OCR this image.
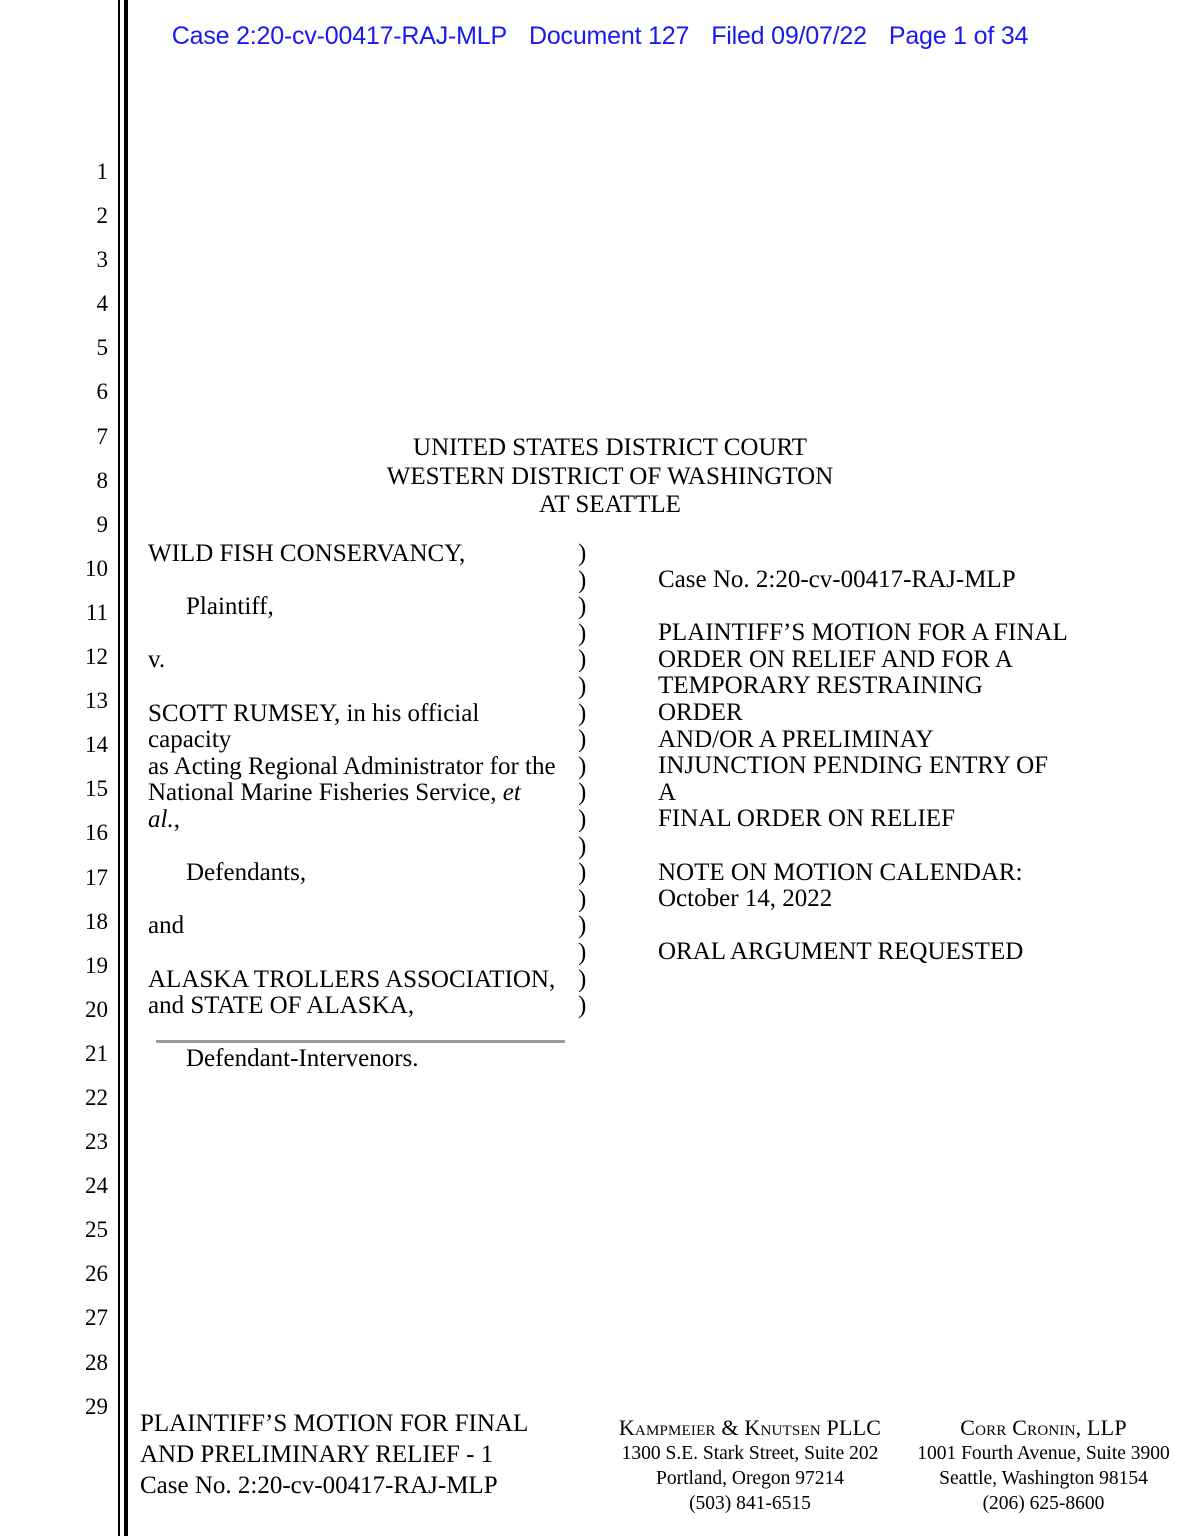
Case 2:20-cv-00417-RAJ-MLP Document 127 Filed 09/07/22 Page 1 of 34
1
2
3
4
5
6
7
8
9
10
11
12
13
14
15
16
17
18
19
20
21
22
23
24
25
26
27
28
29
UNITED STATES DISTRICT COURT
WESTERN DISTRICT OF WASHINGTON
AT SEATTLE
WILD FISH CONSERVANCY,

Plaintiff,

v.

SCOTT RUMSEY, in his official capacity
as Acting Regional Administrator for the
National Marine Fisheries Service, et al.,

Defendants,

and

ALASKA TROLLERS ASSOCIATION,
and STATE OF ALASKA,

Defendant-Intervenors.
)
)
)
)
)
)
)
)
)
)
)
)
)
)
)
)
)
)
Case No. 2:20-cv-00417-RAJ-MLP

PLAINTIFF’S MOTION FOR A FINAL
ORDER ON RELIEF AND FOR A
TEMPORARY RESTRAINING ORDER
AND/OR A PRELIMINAY
INJUNCTION PENDING ENTRY OF A
FINAL ORDER ON RELIEF

NOTE ON MOTION CALENDAR:
October 14, 2022

ORAL ARGUMENT REQUESTED
PLAINTIFF’S MOTION FOR FINAL
AND PRELIMINARY RELIEF - 1
Case No. 2:20-cv-00417-RAJ-MLP
Kampmeier & Knutsen PLLC
1300 S.E. Stark Street, Suite 202
Portland, Oregon 97214
(503) 841-6515
Corr Cronin, LLP
1001 Fourth Avenue, Suite 3900
Seattle, Washington 98154
(206) 625-8600
